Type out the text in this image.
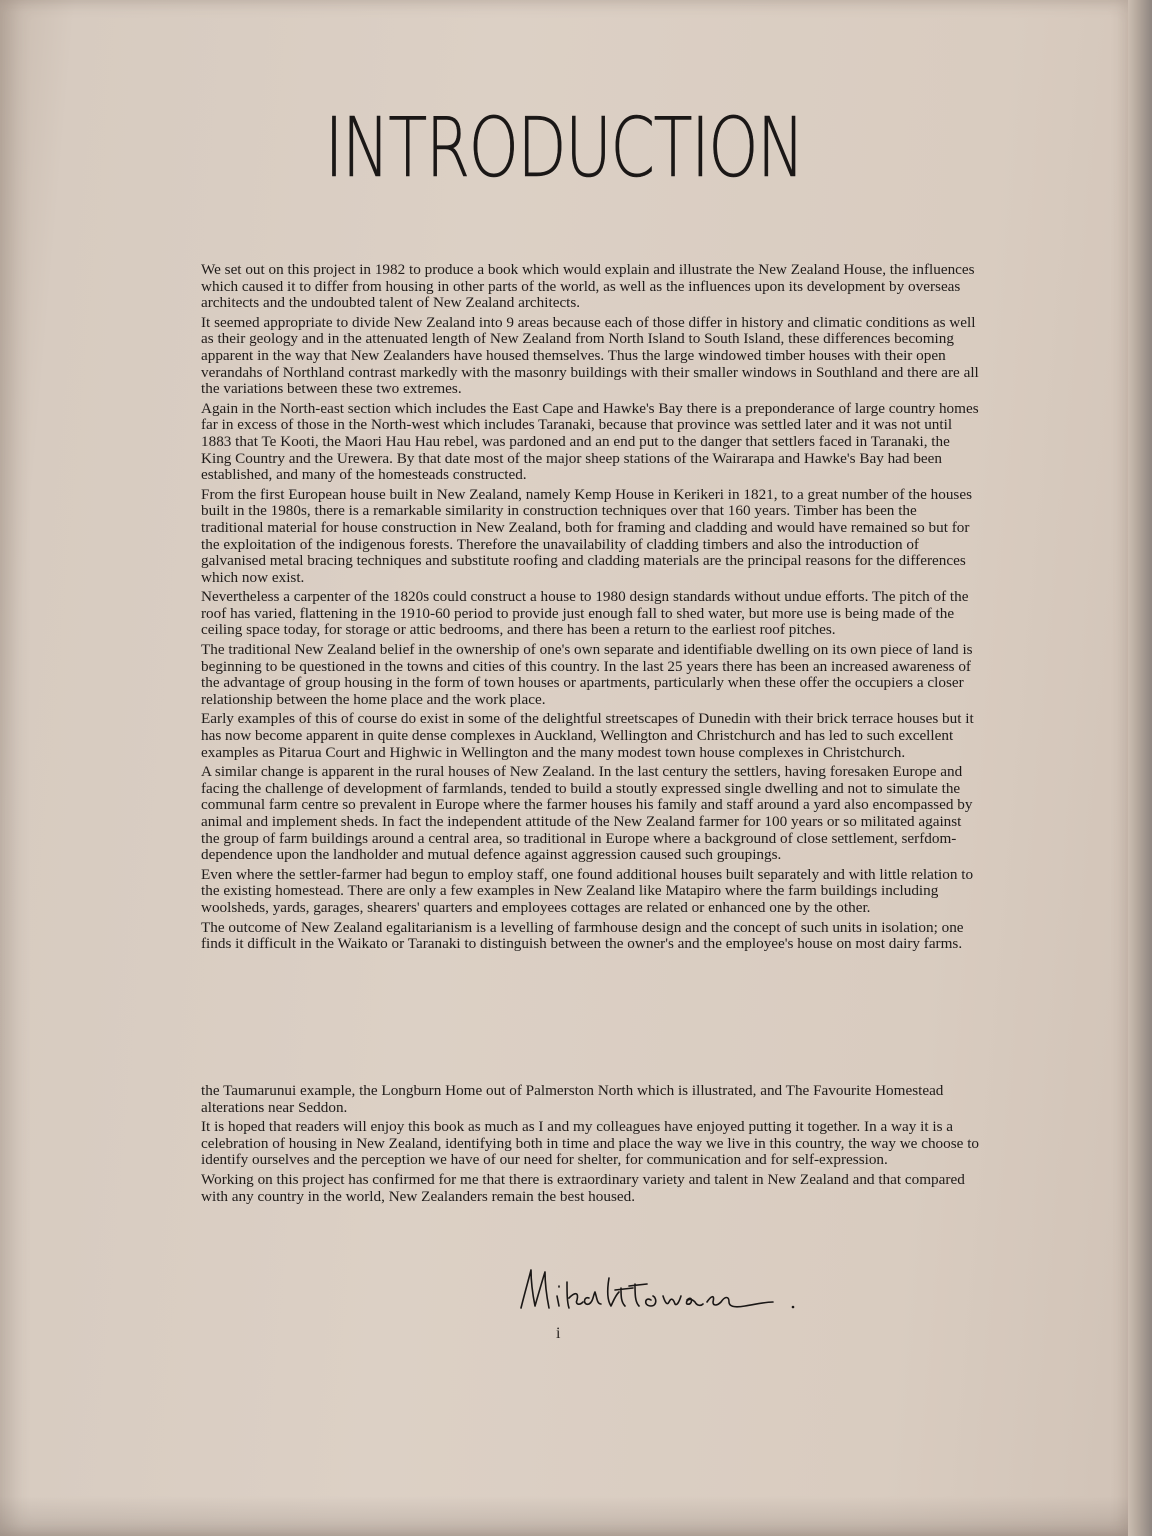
INTRODUCTION

We set out on this project in 1982 to produce a book which would explain and illustrate the New Zealand House, the influences which caused it to differ from housing in other parts of the world, as well as the influences upon its development by overseas architects and the undoubted talent of New Zealand architects.

It seemed appropriate to divide New Zealand into 9 areas because each of those differ in history and climatic conditions as well as their geology and in the attenuated length of New Zealand from North Island to South Island, these differences becoming apparent in the way that New Zealanders have housed themselves. Thus the large windowed timber houses with their open verandahs of Northland contrast markedly with the masonry buildings with their smaller windows in Southland and there are all the variations between these two extremes.

Again in the North-east section which includes the East Cape and Hawke's Bay there is a preponderance of large country homes far in excess of those in the North-west which includes Taranaki, because that province was settled later and it was not until 1883 that Te Kooti, the Maori Hau Hau rebel, was pardoned and an end put to the danger that settlers faced in Taranaki, the King Country and the Urewera. By that date most of the major sheep stations of the Wairarapa and Hawke's Bay had been established, and many of the homesteads constructed.

From the first European house built in New Zealand, namely Kemp House in Kerikeri in 1821, to a great number of the houses built in the 1980s, there is a remarkable similarity in construction techniques over that 160 years. Timber has been the traditional material for house construction in New Zealand, both for framing and cladding and would have remained so but for the exploitation of the indigenous forests. Therefore the unavailability of cladding timbers and also the introduction of galvanised metal bracing techniques and substitute roofing and cladding materials are the principal reasons for the differences which now exist.

Nevertheless a carpenter of the 1820s could construct a house to 1980 design standards without undue efforts. The pitch of the roof has varied, flattening in the 1910-60 period to provide just enough fall to shed water, but more use is being made of the ceiling space today, for storage or attic bedrooms, and there has been a return to the earliest roof pitches.

The traditional New Zealand belief in the ownership of one's own separate and identifiable dwelling on its own piece of land is beginning to be questioned in the towns and cities of this country. In the last 25 years there has been an increased awareness of the advantage of group housing in the form of town houses or apartments, particularly when these offer the occupiers a closer relationship between the home place and the work place.

Early examples of this of course do exist in some of the delightful streetscapes of Dunedin with their brick terrace houses but it has now become apparent in quite dense complexes in Auckland, Wellington and Christchurch and has led to such excellent examples as Pitarua Court and Highwic in Wellington and the many modest town house complexes in Christchurch.

A similar change is apparent in the rural houses of New Zealand. In the last century the settlers, having foresaken Europe and facing the challenge of development of farmlands, tended to build a stoutly expressed single dwelling and not to simulate the communal farm centre so prevalent in Europe where the farmer houses his family and staff around a yard also encompassed by animal and implement sheds. In fact the independent attitude of the New Zealand farmer for 100 years or so militated against the group of farm buildings around a central area, so traditional in Europe where a background of close settlement, serfdom-dependence upon the landholder and mutual defence against aggression caused such groupings.

Even where the settler-farmer had begun to employ staff, one found additional houses built separately and with little relation to the existing homestead. There are only a few examples in New Zealand like Matapiro where the farm buildings including woolsheds, yards, garages, shearers' quarters and employees cottages are related or enhanced one by the other.

The outcome of New Zealand egalitarianism is a levelling of farmhouse design and the concept of such units in isolation; one finds it difficult in the Waikato or Taranaki to distinguish between the owner's and the employee's house on most dairy farms.

the Taumarunui example, the Longburn Home out of Palmerston North which is illustrated, and The Favourite Homestead alterations near Seddon.

It is hoped that readers will enjoy this book as much as I and my colleagues have enjoyed putting it together. In a way it is a celebration of housing in New Zealand, identifying both in time and place the way we live in this country, the way we choose to identify ourselves and the perception we have of our need for shelter, for communication and for self-expression.

Working on this project has confirmed for me that there is extraordinary variety and talent in New Zealand and that compared with any country in the world, New Zealanders remain the best housed.

i
